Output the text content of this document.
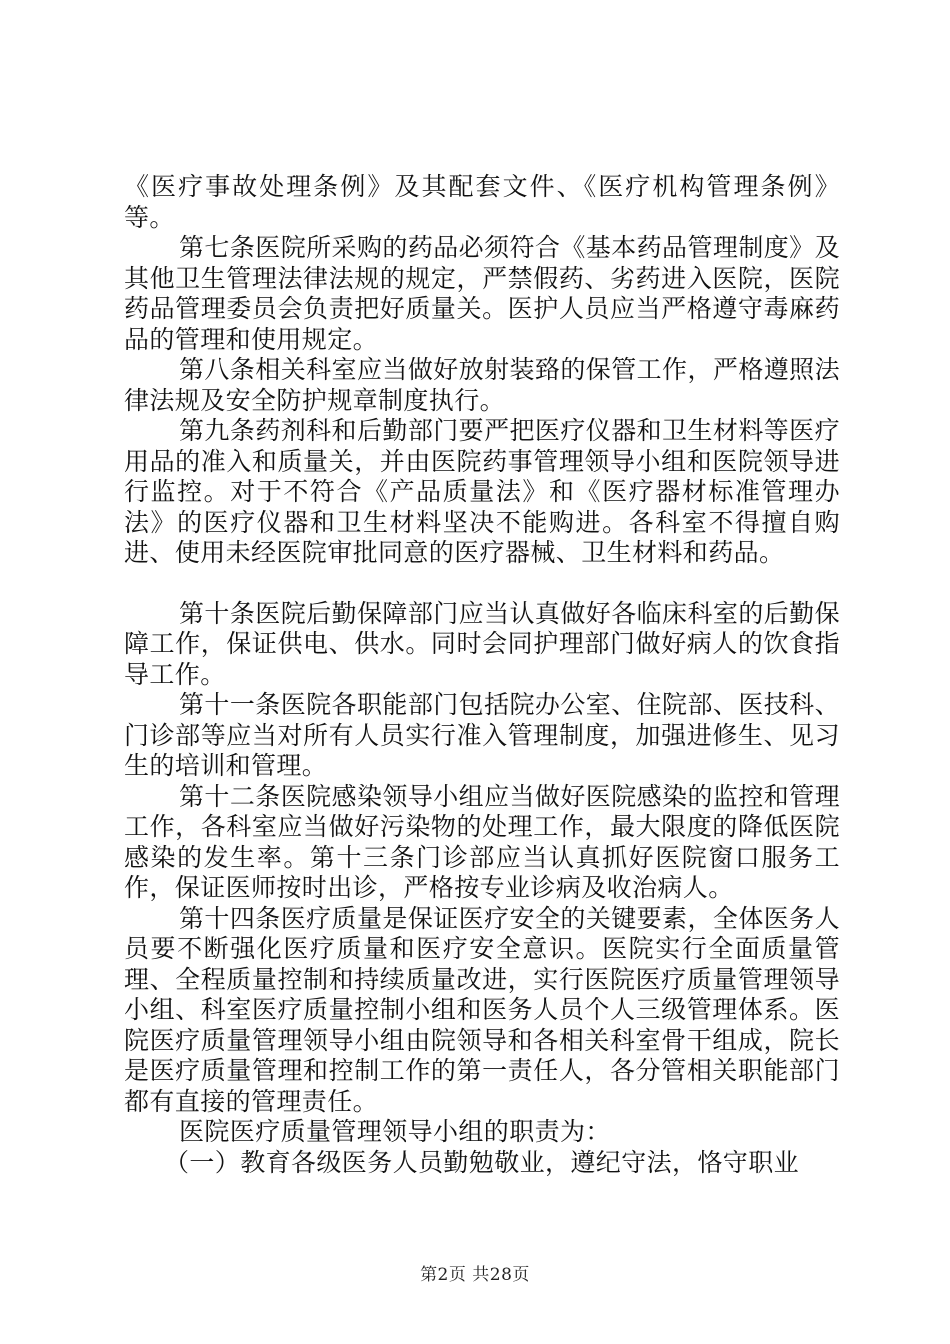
《医疗事故处理条例》及其配套文件、《医疗机构管理条例》等。

第七条医院所采购的药品必须符合《基本药品管理制度》及其他卫生管理法律法规的规定，严禁假药、劣药进入医院，医院药品管理委员会负责把好质量关。医护人员应当严格遵守毒麻药品的管理和使用规定。

第八条相关科室应当做好放射装臵的保管工作，严格遵照法律法规及安全防护规章制度执行。

第九条药剂科和后勤部门要严把医疗仪器和卫生材料等医疗用品的准入和质量关，并由医院药事管理领导小组和医院领导进行监控。对于不符合《产品质量法》和《医疗器材标准管理办法》的医疗仪器和卫生材料坚决不能购进。各科室不得擅自购进、使用未经医院审批同意的医疗器械、卫生材料和药品。

第十条医院后勤保障部门应当认真做好各临床科室的后勤保障工作，保证供电、供水。同时会同护理部门做好病人的饮食指导工作。

第十一条医院各职能部门包括院办公室、住院部、医技科、门诊部等应当对所有人员实行准入管理制度，加强进修生、见习生的培训和管理。

第十二条医院感染领导小组应当做好医院感染的监控和管理工作，各科室应当做好污染物的处理工作，最大限度的降低医院感染的发生率。第十三条门诊部应当认真抓好医院窗口服务工作，保证医师按时出诊，严格按专业诊病及收治病人。

第十四条医疗质量是保证医疗安全的关键要素，全体医务人员要不断强化医疗质量和医疗安全意识。医院实行全面质量管理、全程质量控制和持续质量改进，实行医院医疗质量管理领导小组、科室医疗质量控制小组和医务人员个人三级管理体系。医院医疗质量管理领导小组由院领导和各相关科室骨干组成，院长是医疗质量管理和控制工作的第一责任人，各分管相关职能部门都有直接的管理责任。

医院医疗质量管理领导小组的职责为：

（一）教育各级医务人员勤勉敬业，遵纪守法，恪守职业

第2页 共28页
